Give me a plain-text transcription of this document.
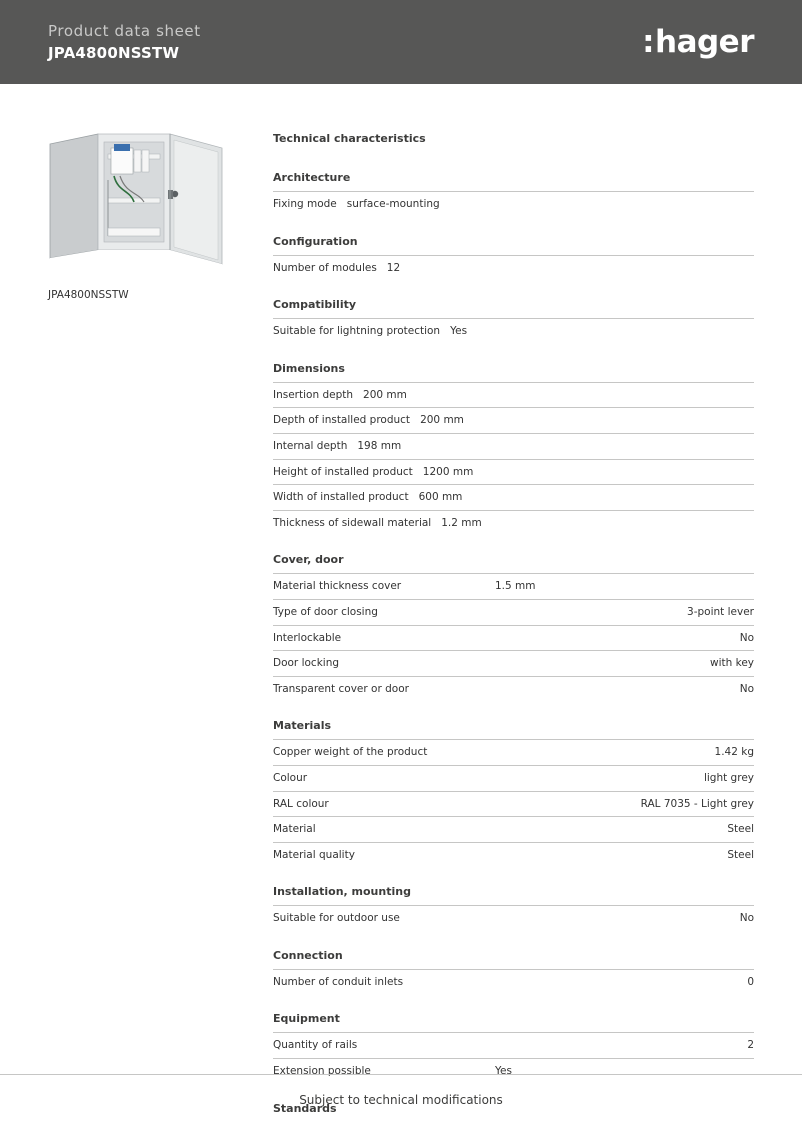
Product data sheet
JPA4800NSSTW	: hager
JPA4800NSSTW
Technical characteristics
Architecture
Fixing mode surface-mounting
Configuration
Number of modules 12
Compatibility
Suitable for lightning protection Yes
Dimensions
Insertion depth 200 mm
Depth of installed product 200 mm
Internal depth 198 mm
Height of installed product 1200 mm
Width of installed product 600 mm
Thickness of sidewall material 1.2 mm
Cover, door
Material thickness cover	1.5 mm
Type of door closing	3-point lever
Interlockable	No
Door locking	with key
Transparent cover or door	No
Materials
Copper weight of the product	1.42 kg
Colour	light grey
RAL colour	RAL 7035 - Light grey
Material	Steel
Material quality	Steel
Installation, mounting
Suitable for outdoor use	No
Connection
Number of conduit inlets	0
Equipment
Quantity of rails	2
Extension possible	Yes
Standards
Subject to technical modifications
